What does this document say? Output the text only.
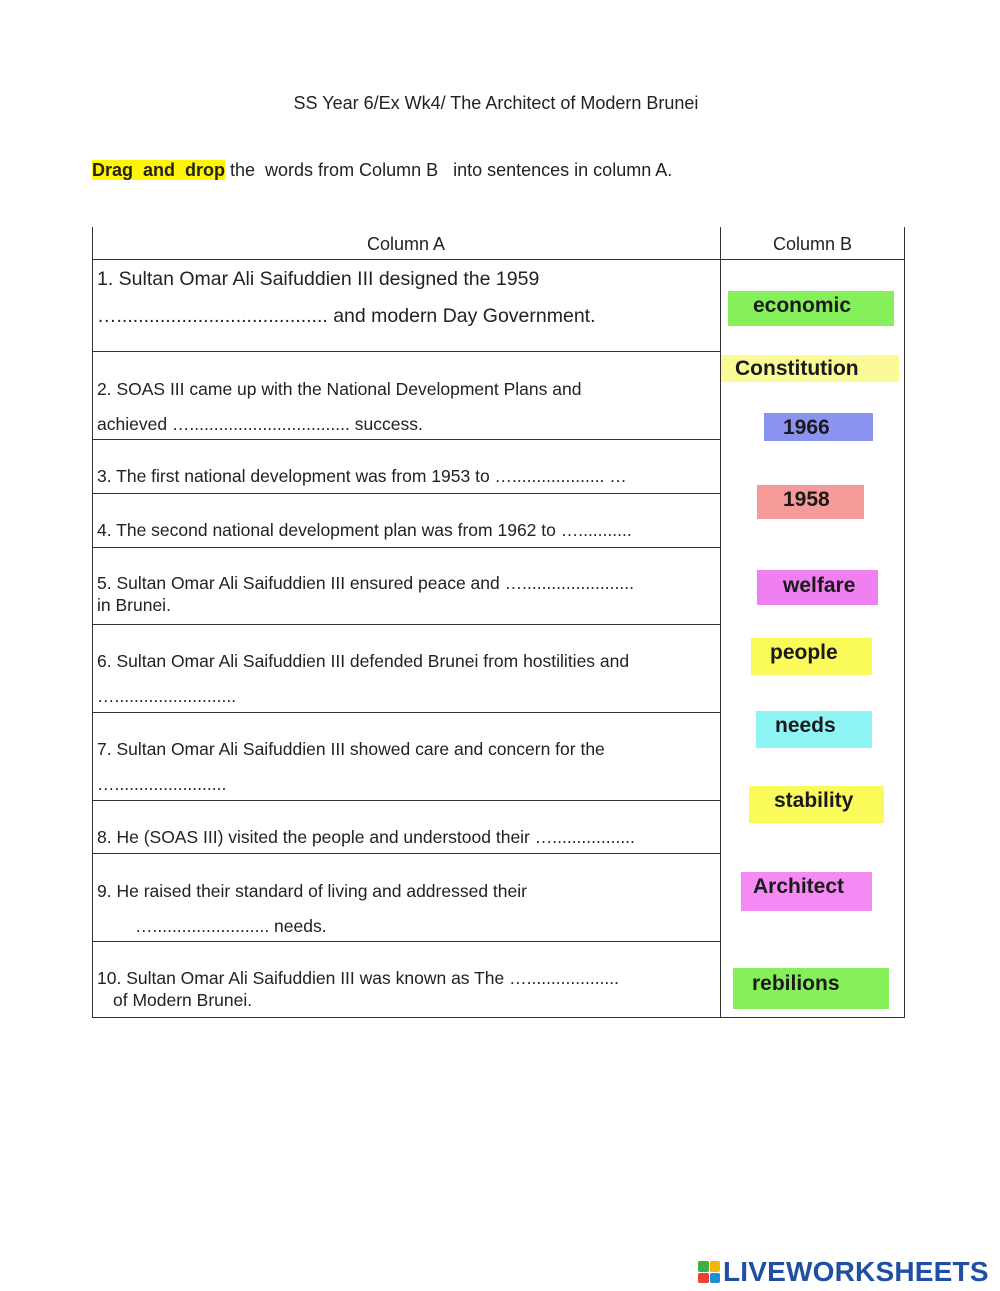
SS Year 6/Ex Wk4/ The Architect of Modern Brunei
Drag  and  drop the  words from Column B   into sentences in column A.
Column A	Column B
1. Sultan Omar Ali Saifuddien III designed the 1959
…....................................... and modern Day Government.
2. SOAS III came up with the National Development Plans and
achieved …................................. success.
3. The first national development was from 1953 to …................... …
4. The second national development plan was from 1962 to …...........
5. Sultan Omar Ali Saifuddien III ensured peace and ….......................
in Brunei.
6. Sultan Omar Ali Saifuddien III defended Brunei from hostilities and
….........................
7. Sultan Omar Ali Saifuddien III showed care and concern for the
….......................
8. He (SOAS III) visited the people and understood their ….................
9. He raised their standard of living and addressed their
…........................ needs.
10. Sultan Omar Ali Saifuddien III was known as The …...................
of Modern Brunei.
economic
Constitution
1966
1958
welfare
people
needs
stability
Architect
rebilions
LIVEWORKSHEETS
